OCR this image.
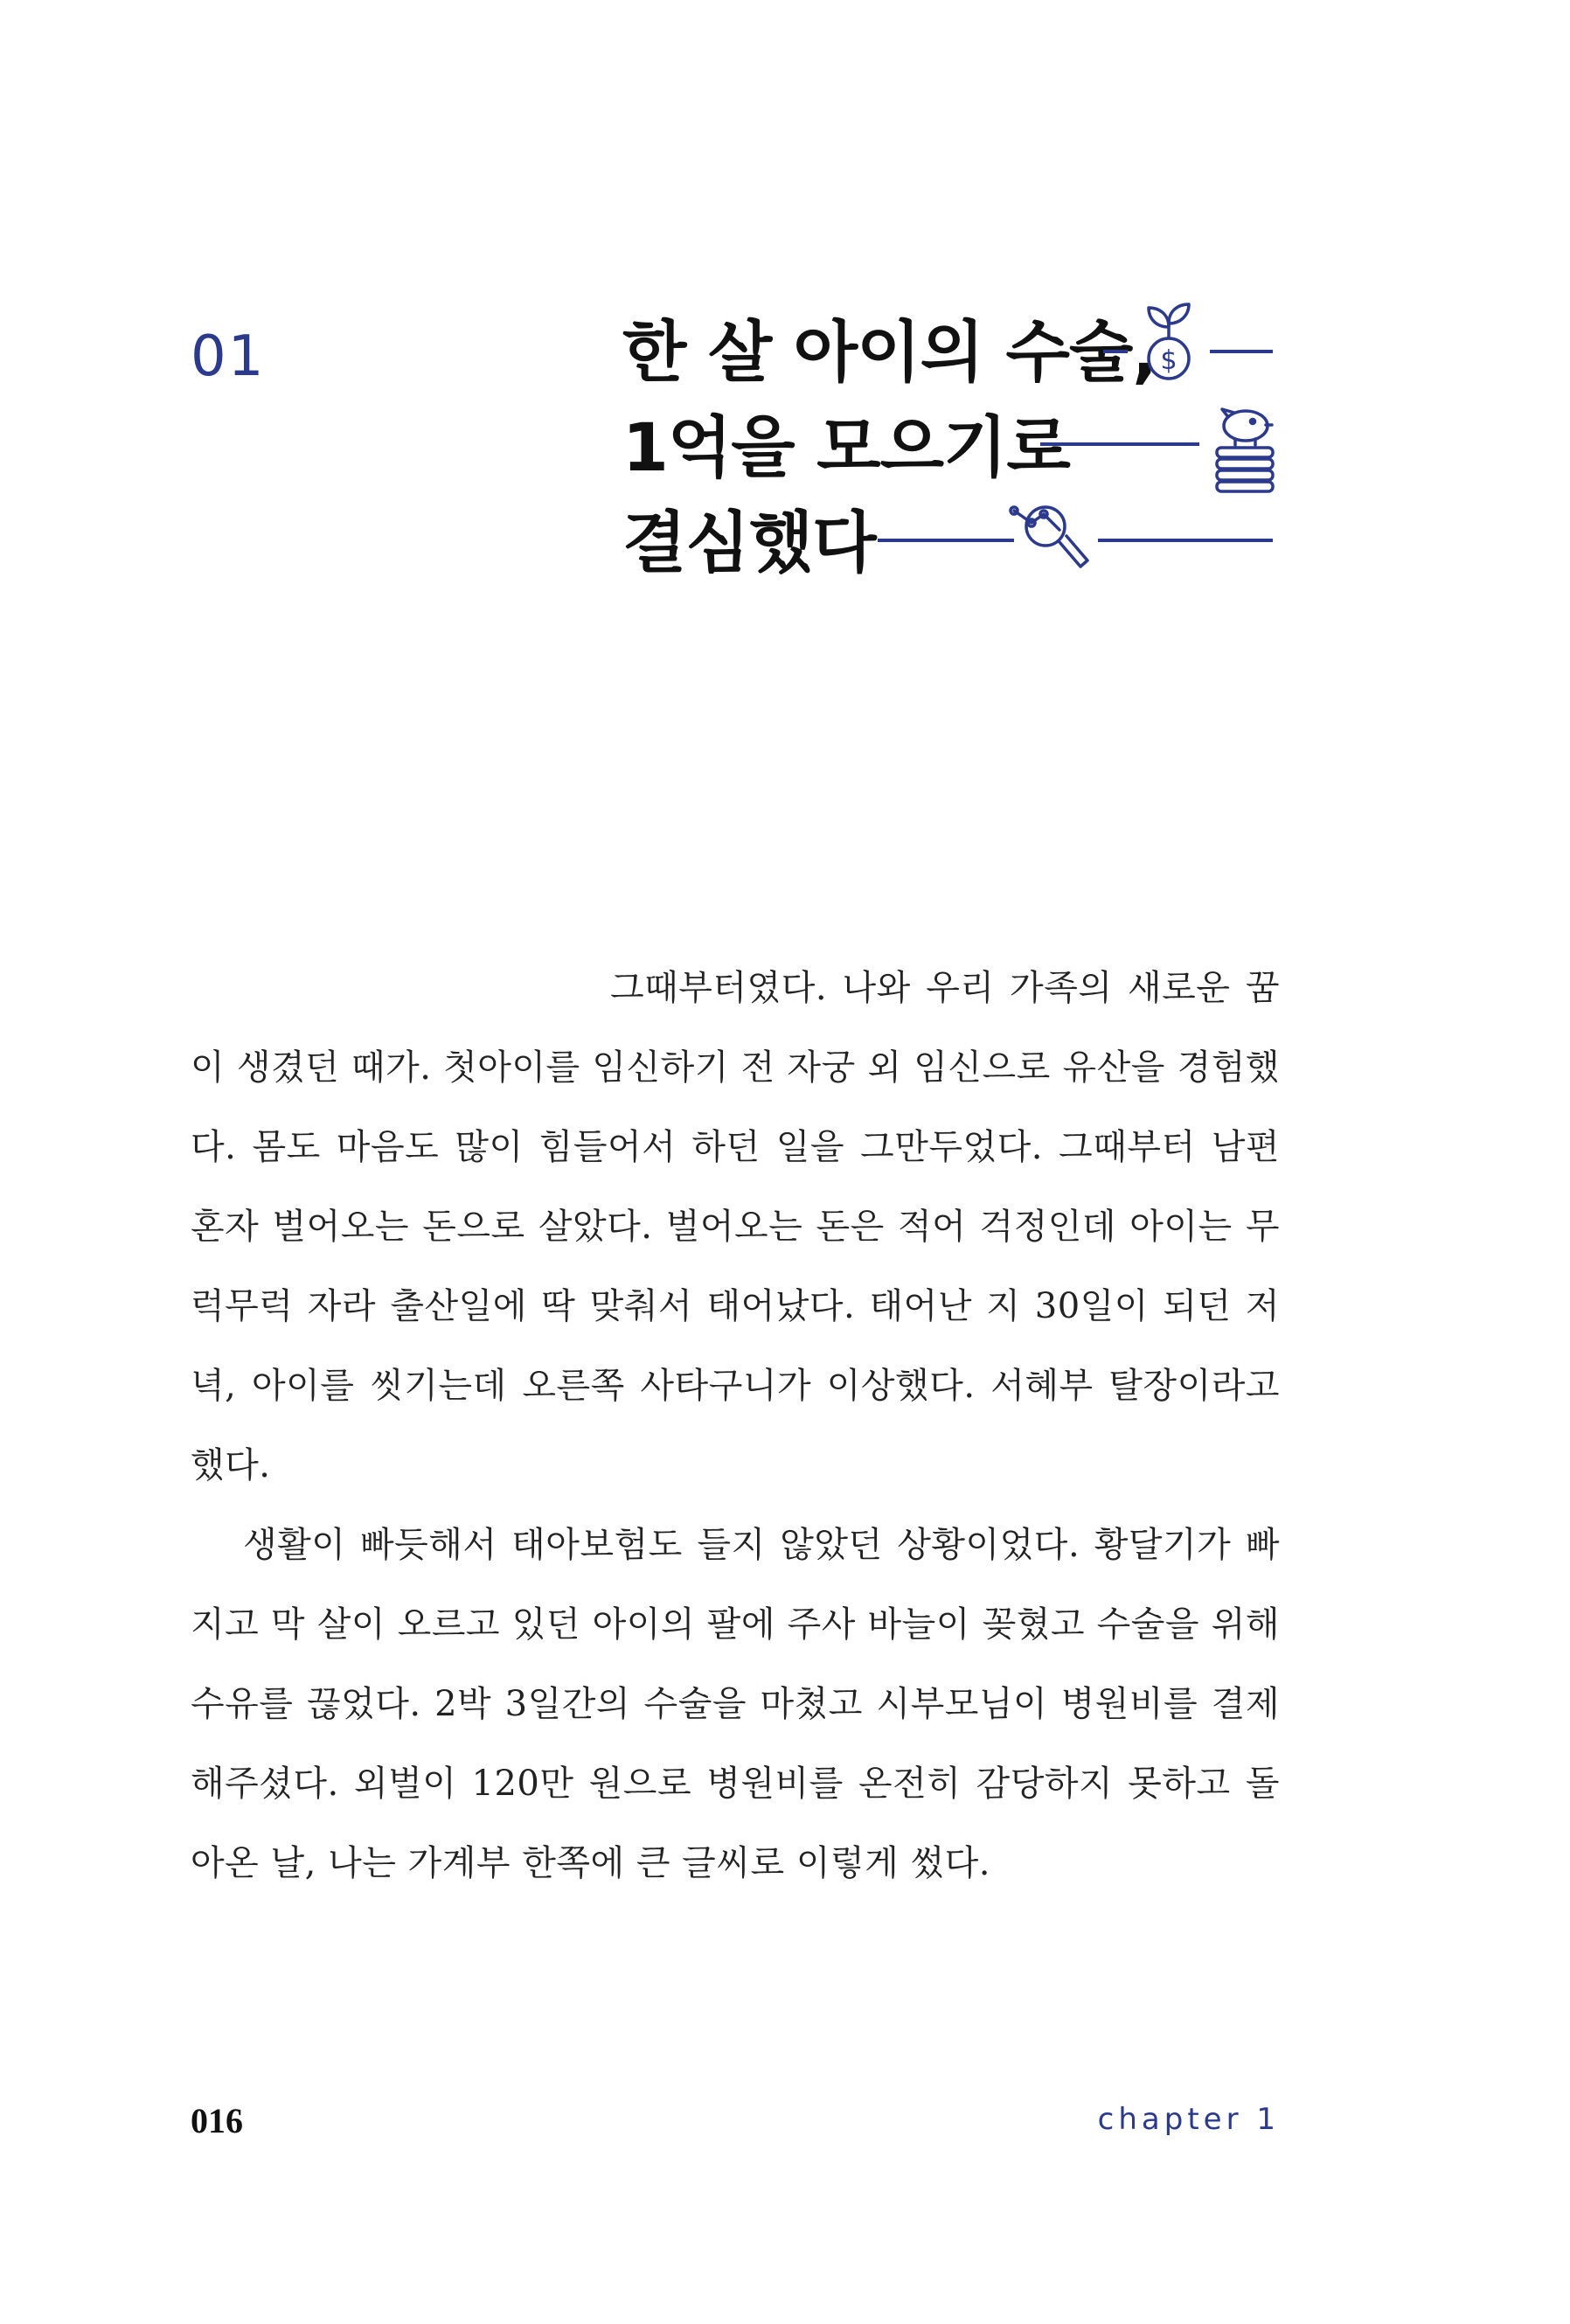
01	한 살 아이의 수술,
1억을 모으기로
결심했다
$

그때부터였다. 나와 우리 가족의 새로운 꿈이 생겼던 때가. 첫아이를 임신하기 전 자궁 외 임신으로 유산을 경험했다. 몸도 마음도 많이 힘들어서 하던 일을 그만두었다. 그때부터 남편 혼자 벌어오는 돈으로 살았다. 벌어오는 돈은 적어 걱정인데 아이는 무럭무럭 자라 출산일에 딱 맞춰서 태어났다. 태어난 지 30일이 되던 저녁, 아이를 씻기는데 오른쪽 사타구니가 이상했다. 서혜부 탈장이라고 했다.

생활이 빠듯해서 태아보험도 들지 않았던 상황이었다. 황달기가 빠지고 막 살이 오르고 있던 아이의 팔에 주사 바늘이 꽂혔고 수술을 위해 수유를 끊었다. 2박 3일간의 수술을 마쳤고 시부모님이 병원비를 결제해주셨다. 외벌이 120만 원으로 병원비를 온전히 감당하지 못하고 돌아온 날, 나는 가계부 한쪽에 큰 글씨로 이렇게 썼다.

016	chapter 1
